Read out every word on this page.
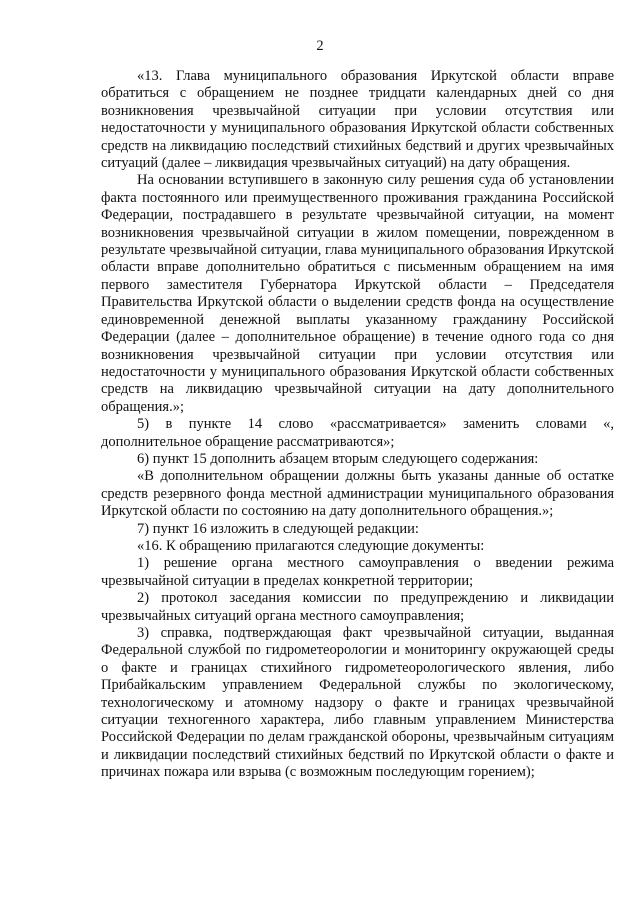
2

«13. Глава муниципального образования Иркутской области вправе обратиться с обращением не позднее тридцати календарных дней со дня возникновения чрезвычайной ситуации при условии отсутствия или недостаточности у муниципального образования Иркутской области собственных средств на ликвидацию последствий стихийных бедствий и других чрезвычайных ситуаций (далее – ликвидация чрезвычайных ситуаций) на дату обращения.

На основании вступившего в законную силу решения суда об установлении факта постоянного или преимущественного проживания гражданина Российской Федерации, пострадавшего в результате чрезвычайной ситуации, на момент возникновения чрезвычайной ситуации в жилом помещении, поврежденном в результате чрезвычайной ситуации, глава муниципального образования Иркутской области вправе дополнительно обратиться с письменным обращением на имя первого заместителя Губернатора Иркутской области – Председателя Правительства Иркутской области о выделении средств фонда на осуществление единовременной денежной выплаты указанному гражданину Российской Федерации (далее – дополнительное обращение) в течение одного года со дня возникновения чрезвычайной ситуации при условии отсутствия или недостаточности у муниципального образования Иркутской области собственных средств на ликвидацию чрезвычайной ситуации на дату дополнительного обращения.»;

5) в пункте 14 слово «рассматривается» заменить словами «, дополнительное обращение рассматриваются»;

6) пункт 15 дополнить абзацем вторым следующего содержания:

«В дополнительном обращении должны быть указаны данные об остатке средств резервного фонда местной администрации муниципального образования Иркутской области по состоянию на дату дополнительного обращения.»;

7) пункт 16 изложить в следующей редакции:

«16. К обращению прилагаются следующие документы:

1) решение органа местного самоуправления о введении режима чрезвычайной ситуации в пределах конкретной территории;

2) протокол заседания комиссии по предупреждению и ликвидации чрезвычайных ситуаций органа местного самоуправления;

3) справка, подтверждающая факт чрезвычайной ситуации, выданная Федеральной службой по гидрометеорологии и мониторингу окружающей среды о факте и границах стихийного гидрометеорологического явления, либо Прибайкальским управлением Федеральной службы по экологическому, технологическому и атомному надзору о факте и границах чрезвычайной ситуации техногенного характера, либо главным управлением Министерства Российской Федерации по делам гражданской обороны, чрезвычайным ситуациям и ликвидации последствий стихийных бедствий по Иркутской области о факте и причинах пожара или взрыва (с возможным последующим горением);
